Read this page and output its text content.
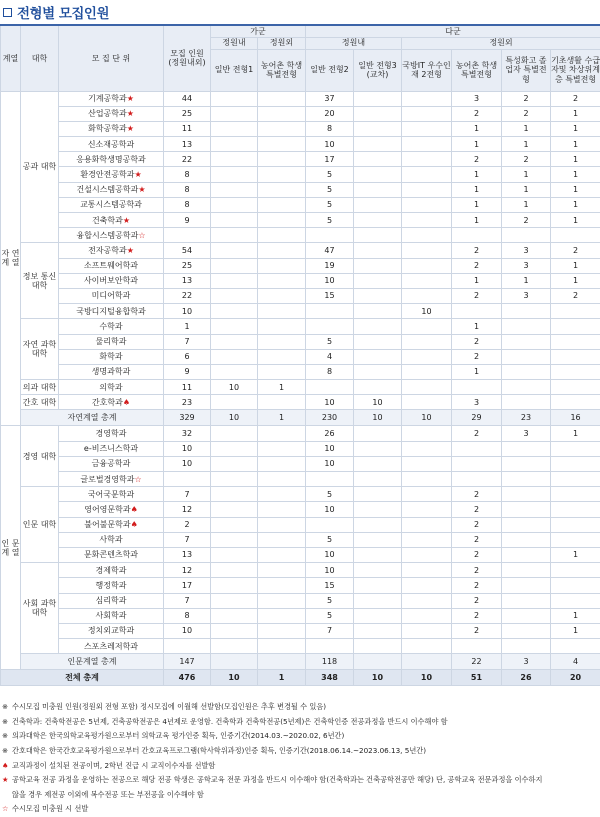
전형별 모집인원
계열	대학	모 집 단 위	모집 인원 (정원내외)	가군		다군					
				정원내	정원외	정원내		정원외			
				일반 전형1	농어촌 학생 특별전형	일반 전형2	일반 전형3 (교차)	국방IT 우수인재 2전형	농어촌 학생 특별전형	특성화고 졸업자 특별전형	기초생활 수급자및 차상위계층 특별전형
자 연 계 열	공과 대학	기계공학과★	44			37			3	2	2
		산업공학과★	25			20			2	2	1
		화학공학과★	11			8			1	1	1
		신소재공학과	13			10			1	1	1
		응용화학생명공학과	22			17			2	2	1
		환경안전공학과★	8			5			1	1	1
		건설시스템공학과★	8			5			1	1	1
		교통시스템공학과	8			5			1	1	1
		건축학과★	9			5			1	2	1
		융합시스템공학과☆									
	정보 통신 대학	전자공학과★	54			47			2	3	2
		소프트웨어학과	25			19			2	3	1
		사이버보안학과	13			10			1	1	1
		미디어학과	22			15			2	3	2
		국방디지털융합학과	10					10			
	자연 과학 대학	수학과	1						1		
		물리학과	7			5			2		
		화학과	6			4			2		
		생명과학과	9			8			1		
	의과 대학	의학과	11	10	1						
	간호 대학	간호학과♠	23			10	10		3		
	자연계열 총계		329	10	1	230	10	10	29	23	16
인 문 계 열	경영 대학	경영학과	32			26			2	3	1
		e-비즈니스학과	10			10					
		금융공학과	10			10					
		글로벌경영학과☆									
	인문 대학	국어국문학과	7			5			2		
		영어영문학과♠	12			10			2		
		불어불문학과♠	2						2		
		사학과	7			5			2		
		문화콘텐츠학과	13			10			2		1
	사회 과학 대학	경제학과	12			10			2		
		행정학과	17			15			2		
		심리학과	7			5			2		
		사회학과	8			5			2		1
		정치외교학과	10			7			2		1
		스포츠레저학과									
	인문계열 총계		147			118			22	3	4
전체 총계			476	10	1	348	10	10	51	26	20
※ 수시모집 미충원 인원(정원외 전형 포함) 정시모집에 이월해 선발함(모집인원은 추후 변경될 수 있음)
※ 건축학과: 건축학전공은 5년제, 건축공학전공은 4년제로 운영함. 건축학과 건축학전공(5년제)은 건축학인증 전공과정을 반드시 이수해야 함
※ 의과대학은 한국의학교육평가원으로부터 의학교육 평가인증 획득, 인증기간(2014.03.~2020.02, 6년간)
※ 간호대학은 한국간호교육평가원으로부터 간호교육프로그램(학사학위과정)인증 획득, 인증기간(2018.06.14.~2023.06.13, 5년간)
♠ 교직과정이 설치된 전공이며, 2학년 진급 시 교직이수자를 선발함
★ 공학교육 전공 과정을 운영하는 전공으로 해당 전공 학생은 공학교육 전문 과정을 반드시 이수해야 함(건축학과는 건축공학전공만 해당) 단, 공학교육 전문과정을 이수하지
않을 경우 제전공 이외에 복수전공 또는 부전공을 이수해야 함
☆ 수시모집 미충원 시 선발
